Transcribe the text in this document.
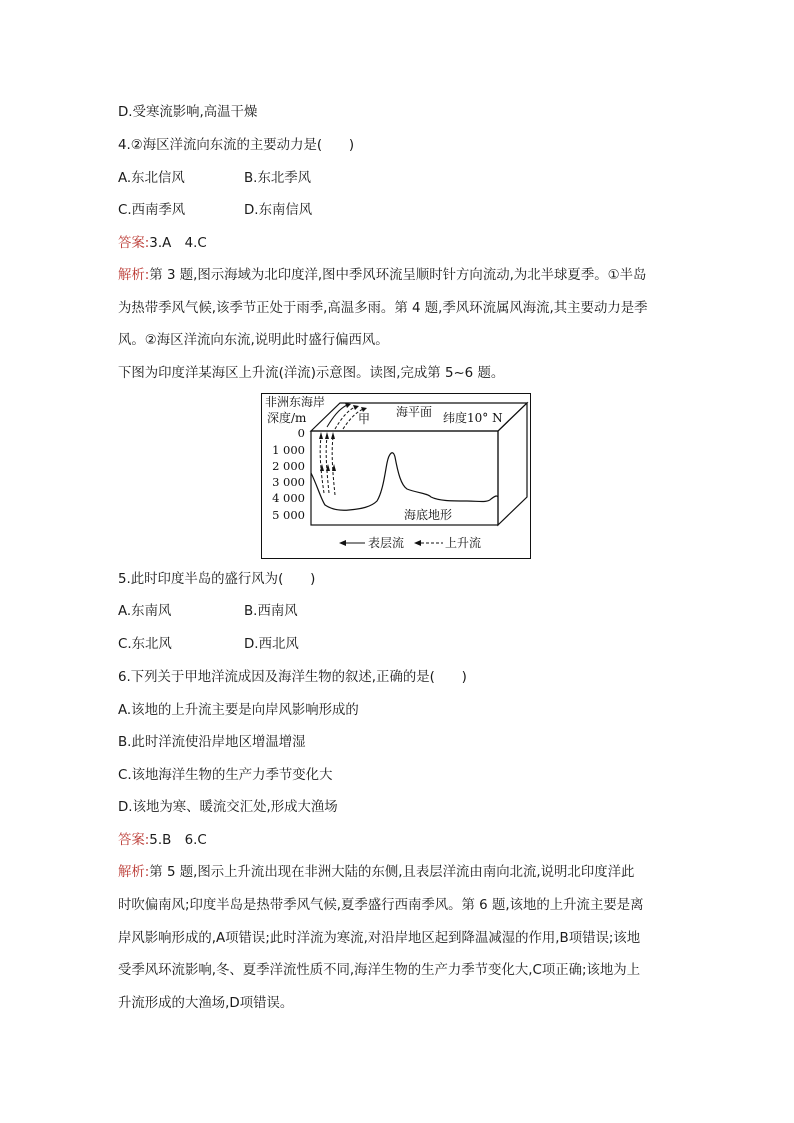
D.受寒流影响,高温干燥
4.②海区洋流向东流的主要动力是(　　)
A.东北信风	B.东北季风
C.西南季风	D.东南信风
答案:3.A　4.C
解析:第 3 题,图示海域为北印度洋,图中季风环流呈顺时针方向流动,为北半球夏季。①半岛
为热带季风气候,该季节正处于雨季,高温多雨。第 4 题,季风环流属风海流,其主要动力是季
风。②海区洋流向东流,说明此时盛行偏西风。
下图为印度洋某海区上升流(洋流)示意图。读图,完成第 5~6 题。
非洲东海岸
深度/m	甲 海平面 纬度10° N
0
1 000
2 000
3 000
4 000
5 000	海底地形
表层流	上升流
5.此时印度半岛的盛行风为(　　)
A.东南风	B.西南风
C.东北风	D.西北风
6.下列关于甲地洋流成因及海洋生物的叙述,正确的是(　　)
A.该地的上升流主要是向岸风影响形成的
B.此时洋流使沿岸地区增温增湿
C.该地海洋生物的生产力季节变化大
D.该地为寒、暖流交汇处,形成大渔场
答案:5.B　6.C
解析:第 5 题,图示上升流出现在非洲大陆的东侧,且表层洋流由南向北流,说明北印度洋此
时吹偏南风;印度半岛是热带季风气候,夏季盛行西南季风。第 6 题,该地的上升流主要是离
岸风影响形成的,A项错误;此时洋流为寒流,对沿岸地区起到降温减湿的作用,B项错误;该地
受季风环流影响,冬、夏季洋流性质不同,海洋生物的生产力季节变化大,C项正确;该地为上
升流形成的大渔场,D项错误。
